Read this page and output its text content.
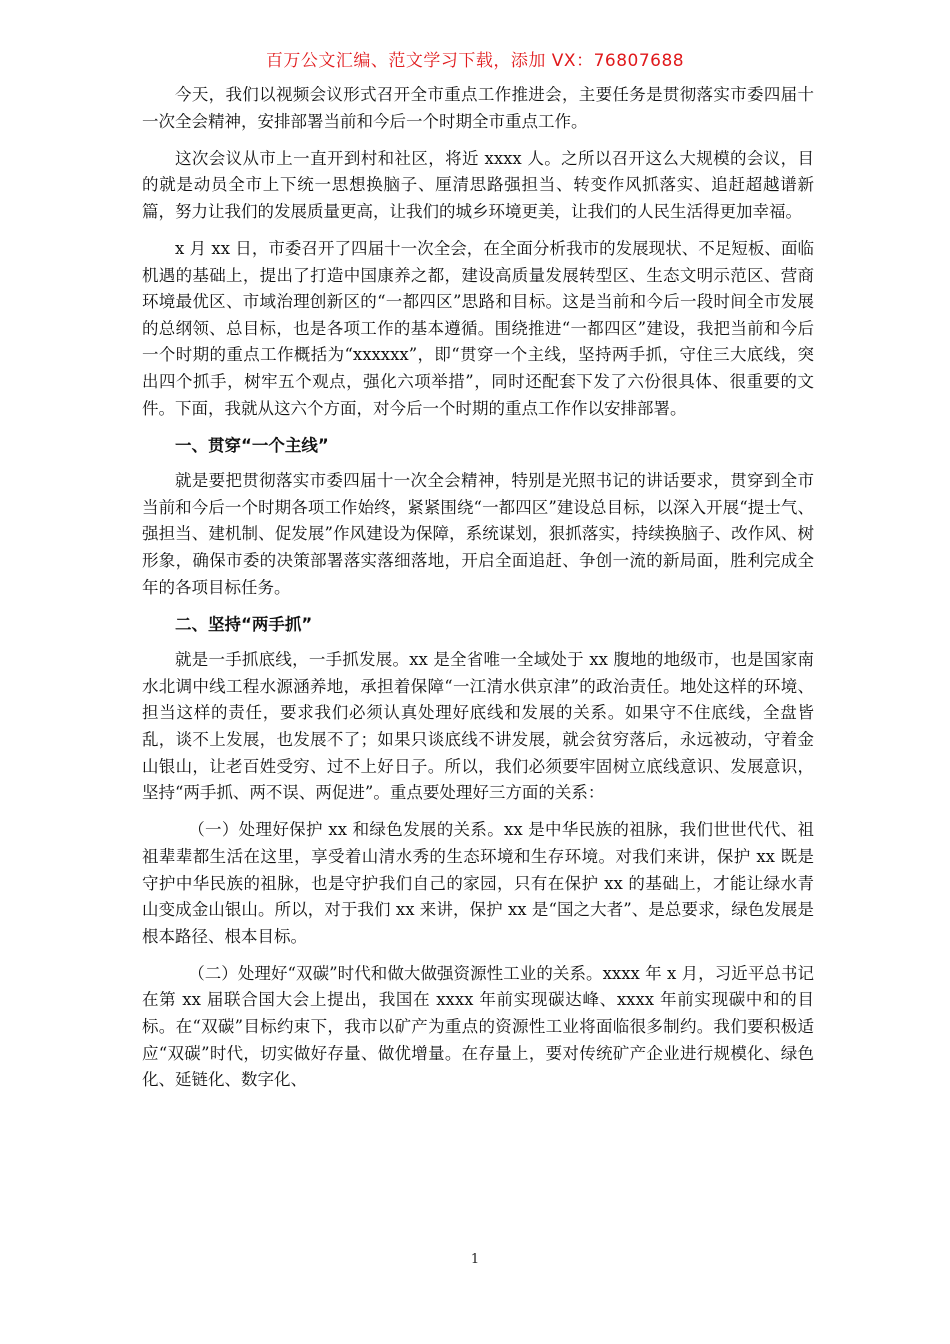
百万公文汇编、范文学习下载，添加 VX：76807688

今天，我们以视频会议形式召开全市重点工作推进会，主要任务是贯彻落实市委四届十一次全会精神，安排部署当前和今后一个时期全市重点工作。

这次会议从市上一直开到村和社区，将近 xxxx 人。之所以召开这么大规模的会议，目的就是动员全市上下统一思想换脑子、厘清思路强担当、转变作风抓落实、追赶超越谱新篇，努力让我们的发展质量更高，让我们的城乡环境更美，让我们的人民生活得更加幸福。

x 月 xx 日，市委召开了四届十一次全会，在全面分析我市的发展现状、不足短板、面临机遇的基础上，提出了打造中国康养之都，建设高质量发展转型区、生态文明示范区、营商环境最优区、市域治理创新区的“一都四区”思路和目标。这是当前和今后一段时间全市发展的总纲领、总目标，也是各项工作的基本遵循。围绕推进“一都四区”建设，我把当前和今后一个时期的重点工作概括为“xxxxxx”，即“贯穿一个主线，坚持两手抓，守住三大底线，突出四个抓手，树牢五个观点，强化六项举措”，同时还配套下发了六份很具体、很重要的文件。下面，我就从这六个方面，对今后一个时期的重点工作作以安排部署。

一、贯穿“一个主线”

就是要把贯彻落实市委四届十一次全会精神，特别是光照书记的讲话要求，贯穿到全市当前和今后一个时期各项工作始终，紧紧围绕“一都四区”建设总目标，以深入开展“提士气、强担当、建机制、促发展”作风建设为保障，系统谋划，狠抓落实，持续换脑子、改作风、树形象，确保市委的决策部署落实落细落地，开启全面追赶、争创一流的新局面，胜利完成全年的各项目标任务。

二、坚持“两手抓”

就是一手抓底线，一手抓发展。xx 是全省唯一全域处于 xx 腹地的地级市，也是国家南水北调中线工程水源涵养地，承担着保障“一江清水供京津”的政治责任。地处这样的环境、担当这样的责任，要求我们必须认真处理好底线和发展的关系。如果守不住底线，全盘皆乱，谈不上发展，也发展不了；如果只谈底线不讲发展，就会贫穷落后，永远被动，守着金山银山，让老百姓受穷、过不上好日子。所以，我们必须要牢固树立底线意识、发展意识，坚持“两手抓、两不误、两促进”。重点要处理好三方面的关系：

（一）处理好保护 xx 和绿色发展的关系。xx 是中华民族的祖脉，我们世世代代、祖祖辈辈都生活在这里，享受着山清水秀的生态环境和生存环境。对我们来讲，保护 xx 既是守护中华民族的祖脉，也是守护我们自己的家园，只有在保护 xx 的基础上，才能让绿水青山变成金山银山。所以，对于我们 xx 来讲，保护 xx 是“国之大者”、是总要求，绿色发展是根本路径、根本目标。

（二）处理好“双碳”时代和做大做强资源性工业的关系。xxxx 年 x 月，习近平总书记在第 xx 届联合国大会上提出，我国在 xxxx 年前实现碳达峰、xxxx 年前实现碳中和的目标。在“双碳”目标约束下，我市以矿产为重点的资源性工业将面临很多制约。我们要积极适应“双碳”时代，切实做好存量、做优增量。在存量上，要对传统矿产企业进行规模化、绿色化、延链化、数字化、

1
